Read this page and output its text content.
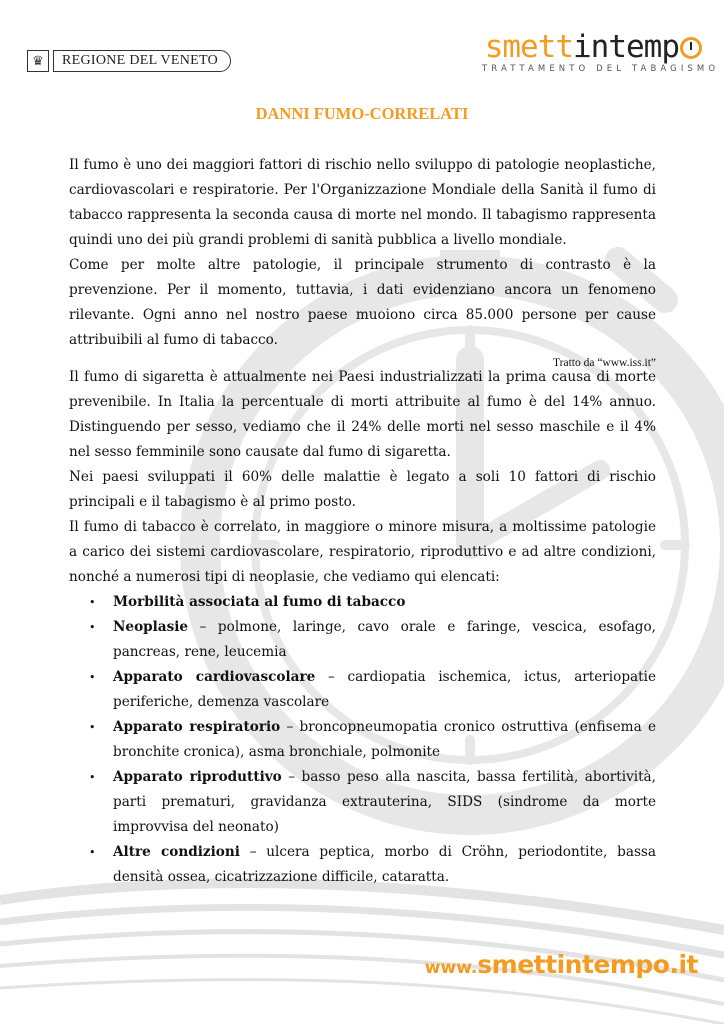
♛	REGIONE DEL VENETO	smettintemp
TRATTAMENTO DEL TABAGISMO
DANNI FUMO-CORRELATI

Il fumo è uno dei maggiori fattori di rischio nello sviluppo di patologie neoplastiche, cardiovascolari e respiratorie. Per l'Organizzazione Mondiale della Sanità il fumo di tabacco rappresenta la seconda causa di morte nel mondo. Il tabagismo rappresenta quindi uno dei più grandi problemi di sanità pubblica a livello mondiale.

Come per molte altre patologie, il principale strumento di contrasto è la prevenzione. Per il momento, tuttavia, i dati evidenziano ancora un fenomeno rilevante. Ogni anno nel nostro paese muoiono circa 85.000 persone per cause attribuibili al fumo di tabacco.

Tratto da “www.iss.it”

Il fumo di sigaretta è attualmente nei Paesi industrializzati la prima causa di morte prevenibile. In Italia la percentuale di morti attribuite al fumo è del 14% annuo. Distinguendo per sesso, vediamo che il 24% delle morti nel sesso maschile e il 4% nel sesso femminile sono causate dal fumo di sigaretta.

Nei paesi sviluppati il 60% delle malattie è legato a soli 10 fattori di rischio principali e il tabagismo è al primo posto.

Il fumo di tabacco è correlato, in maggiore o minore misura, a moltissime patologie a carico dei sistemi cardiovascolare, respiratorio, riproduttivo e ad altre condizioni, nonché a numerosi tipi di neoplasie, che vediamo qui elencati:

• Morbilità associata al fumo di tabacco
• Neoplasie – polmone, laringe, cavo orale e faringe, vescica, esofago, pancreas, rene, leucemia
• Apparato cardiovascolare – cardiopatia ischemica, ictus, arteriopatie periferiche, demenza vascolare
• Apparato respiratorio – broncopneumopatia cronico ostruttiva (enfisema e bronchite cronica), asma bronchiale, polmonite
• Apparato riproduttivo – basso peso alla nascita, bassa fertilità, abortività, parti prematuri, gravidanza extrauterina, SIDS (sindrome da morte improvvisa del neonato)
• Altre condizioni – ulcera peptica, morbo di Cröhn, periodontite, bassa densità ossea, cicatrizzazione difficile, cataratta.
www.smettintempo.it
